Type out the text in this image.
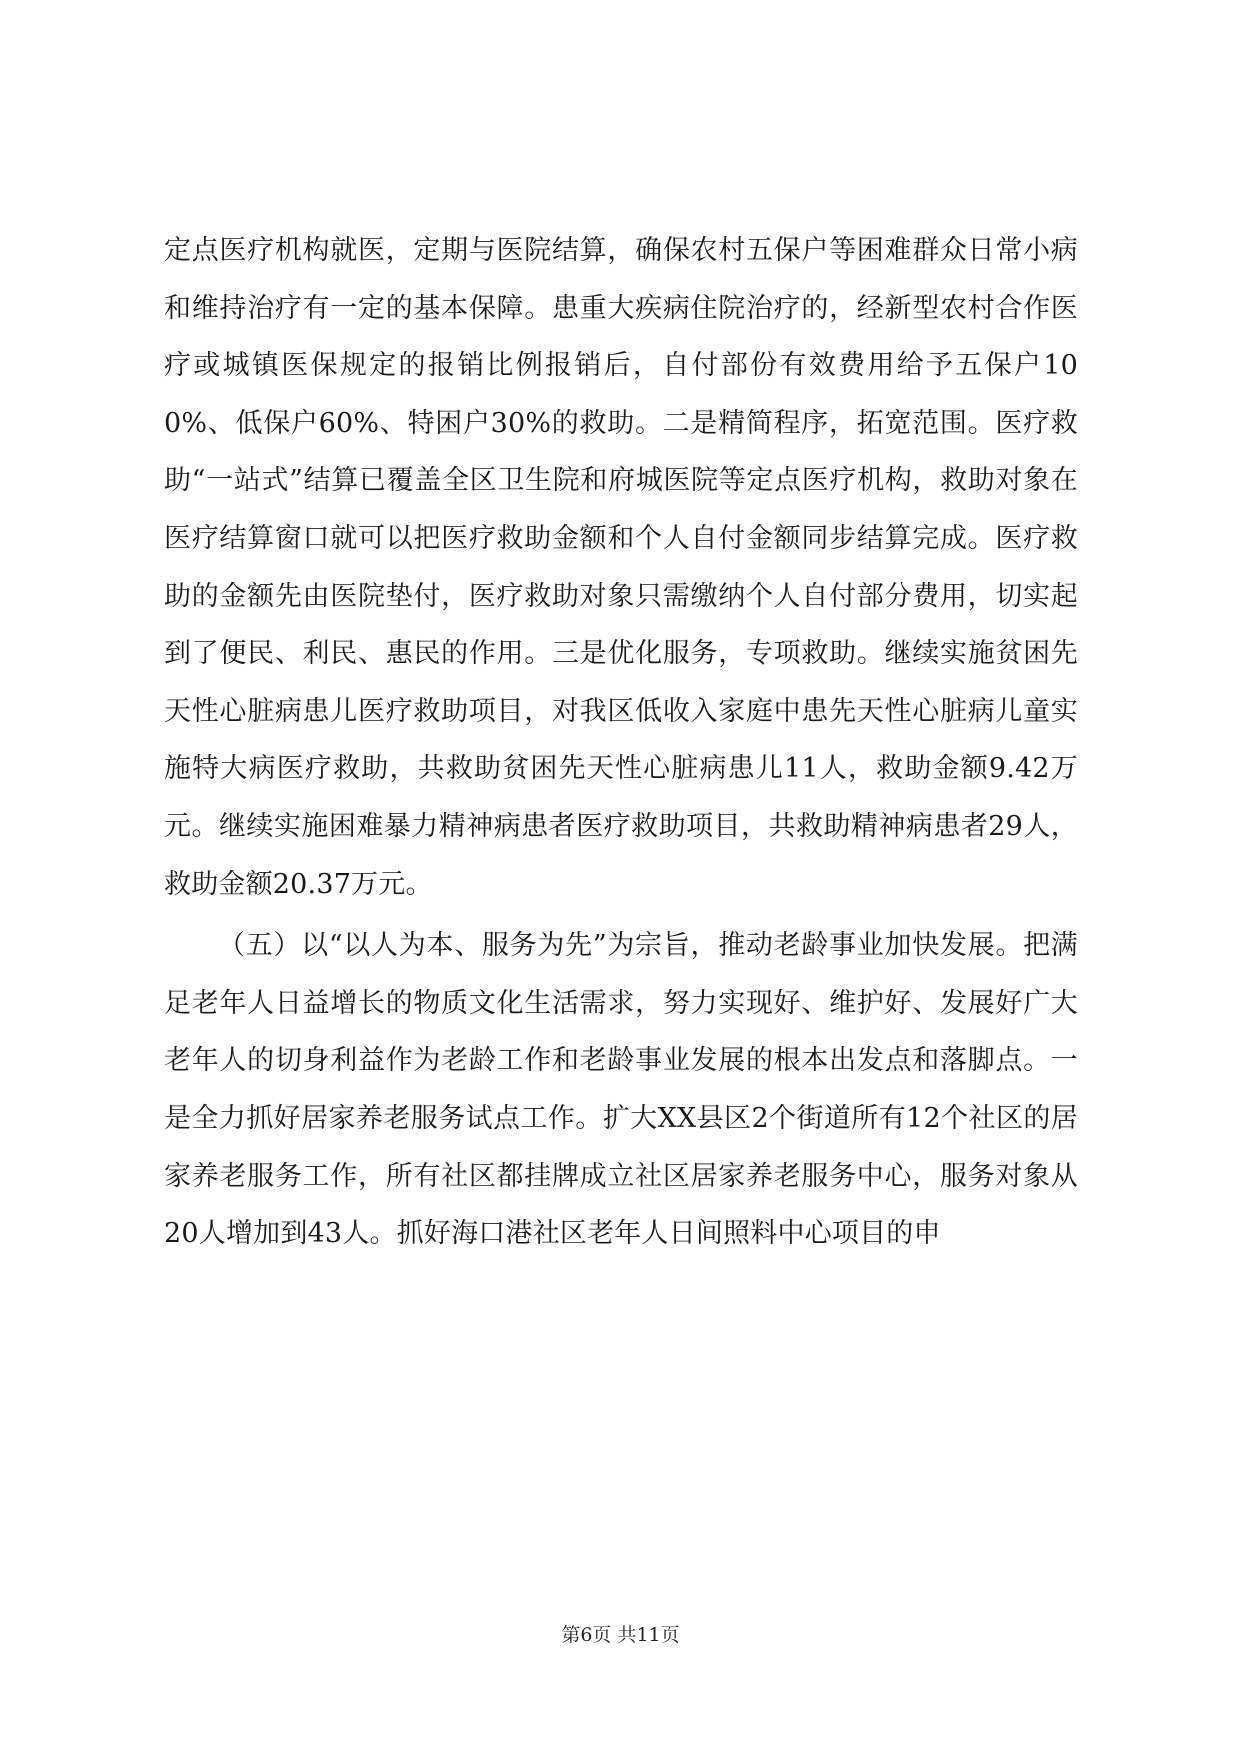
定点医疗机构就医，定期与医院结算，确保农村五保户等困难群众日常小病和维持治疗有一定的基本保障。患重大疾病住院治疗的，经新型农村合作医疗或城镇医保规定的报销比例报销后，自付部份有效费用给予五保户100%、低保户60%、特困户30%的救助。二是精简程序，拓宽范围。医疗救助“一站式”结算已覆盖全区卫生院和府城医院等定点医疗机构，救助对象在医疗结算窗口就可以把医疗救助金额和个人自付金额同步结算完成。医疗救助的金额先由医院垫付，医疗救助对象只需缴纳个人自付部分费用，切实起到了便民、利民、惠民的作用。三是优化服务，专项救助。继续实施贫困先天性心脏病患儿医疗救助项目，对我区低收入家庭中患先天性心脏病儿童实施特大病医疗救助，共救助贫困先天性心脏病患儿11人，救助金额9.42万元。继续实施困难暴力精神病患者医疗救助项目，共救助精神病患者29人，救助金额20.37万元。

（五）以“以人为本、服务为先”为宗旨，推动老龄事业加快发展。把满足老年人日益增长的物质文化生活需求，努力实现好、维护好、发展好广大老年人的切身利益作为老龄工作和老龄事业发展的根本出发点和落脚点。一是全力抓好居家养老服务试点工作。扩大XX县区2个街道所有12个社区的居家养老服务工作，所有社区都挂牌成立社区居家养老服务中心，服务对象从20人增加到43人。抓好海口港社区老年人日间照料中心项目的申

第6页 共11页
